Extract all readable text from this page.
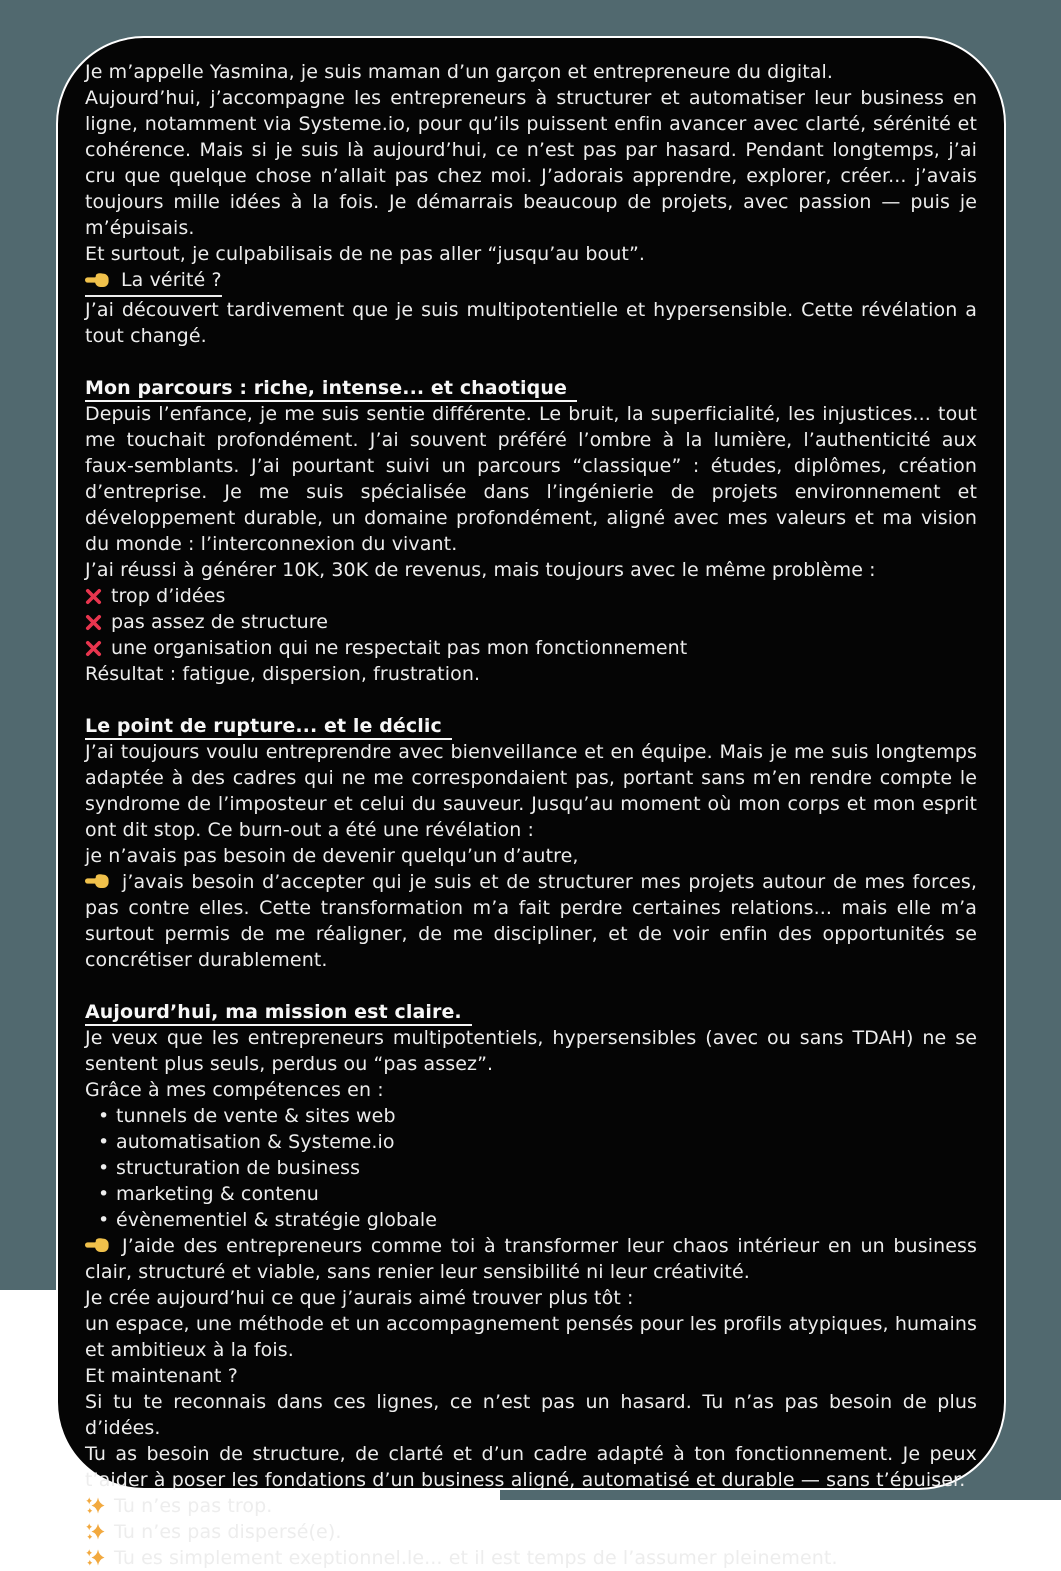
Je m’appelle Yasmina, je suis maman d’un garçon et entrepreneure du digital.
Aujourd’hui, j’accompagne les entrepreneurs à structurer et automatiser leur business en ligne, notamment via Systeme.io, pour qu’ils puissent enfin avancer avec clarté, sérénité et cohérence. Mais si je suis là aujourd’hui, ce n’est pas par hasard. Pendant longtemps, j’ai cru que quelque chose n’allait pas chez moi. J’adorais apprendre, explorer, créer... j’avais toujours mille idées à la fois. Je démarrais beaucoup de projets, avec passion — puis je m’épuisais.
Et surtout, je culpabilisais de ne pas aller “jusqu’au bout”.
La vérité ?
J’ai découvert tardivement que je suis multipotentielle et hypersensible. Cette révélation a tout changé.
Mon parcours : riche, intense... et chaotique
Depuis l’enfance, je me suis sentie différente. Le bruit, la superficialité, les injustices... tout me touchait profondément. J’ai souvent préféré l’ombre à la lumière, l’authenticité aux faux-semblants. J’ai pourtant suivi un parcours “classique” : études, diplômes, création d’entreprise. Je me suis spécialisée dans l’ingénierie de projets environnement et développement durable, un domaine profondément, aligné avec mes valeurs et ma vision du monde : l’interconnexion du vivant.
J’ai réussi à générer 10K, 30K de revenus, mais toujours avec le même problème :
trop d’idées
pas assez de structure
une organisation qui ne respectait pas mon fonctionnement
Résultat : fatigue, dispersion, frustration.
Le point de rupture... et le déclic
J’ai toujours voulu entreprendre avec bienveillance et en équipe. Mais je me suis longtemps adaptée à des cadres qui ne me correspondaient pas, portant sans m’en rendre compte le syndrome de l’imposteur et celui du sauveur. Jusqu’au moment où mon corps et mon esprit ont dit stop. Ce burn-out a été une révélation :
je n’avais pas besoin de devenir quelqu’un d’autre,
j’avais besoin d’accepter qui je suis et de structurer mes projets autour de mes forces, pas contre elles. Cette transformation m’a fait perdre certaines relations... mais elle m’a surtout permis de me réaligner, de me discipliner, et de voir enfin des opportunités se concrétiser durablement.
Aujourd’hui, ma mission est claire.
Je veux que les entrepreneurs multipotentiels, hypersensibles (avec ou sans TDAH) ne se sentent plus seuls, perdus ou “pas assez”.
Grâce à mes compétences en :
• tunnels de vente & sites web
• automatisation & Systeme.io
• structuration de business
• marketing & contenu
• évènementiel & stratégie globale
J’aide des entrepreneurs comme toi à transformer leur chaos intérieur en un business clair, structuré et viable, sans renier leur sensibilité ni leur créativité.
Je crée aujourd’hui ce que j’aurais aimé trouver plus tôt :
un espace, une méthode et un accompagnement pensés pour les profils atypiques, humains et ambitieux à la fois.
Et maintenant ?
Si tu te reconnais dans ces lignes, ce n’est pas un hasard. Tu n’as pas besoin de plus d’idées.
Tu as besoin de structure, de clarté et d’un cadre adapté à ton fonctionnement. Je peux t’aider à poser les fondations d’un business aligné, automatisé et durable — sans t’épuiser.
Tu n’es pas trop.
Tu n’es pas dispersé(e).
Tu es simplement exeptionnel.le... et il est temps de l’assumer pleinement.
